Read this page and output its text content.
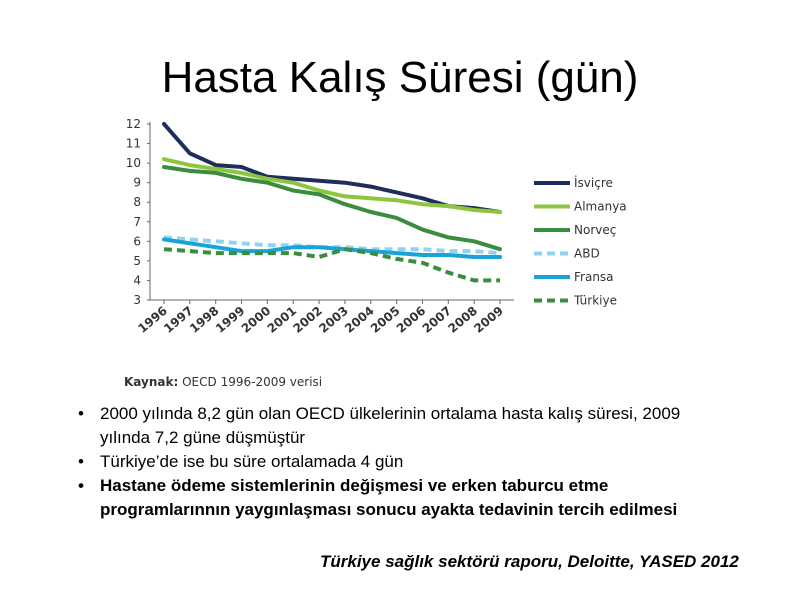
Hasta Kalış Süresi (gün)
3
4
5
6
7
8
9
10
11
12
1996
1997
1998
1999
2000
2001
2002
2003
2004
2005
2006
2007
2008
2009
İsviçre
Almanya
Norveç
ABD
Fransa
Türkiye
Kaynak: OECD 1996-2009 verisi
• 2000 yılında 8,2 gün olan OECD ülkelerinin ortalama hasta kalış süresi, 2009 yılında 7,2 güne düşmüştür
• Türkiye’de ise bu süre ortalamada 4 gün
• Hastane ödeme sistemlerinin değişmesi ve erken taburcu etme programlarınnın yaygınlaşması sonucu ayakta tedavinin tercih edilmesi
Türkiye sağlık sektörü raporu, Deloitte, YASED 2012
